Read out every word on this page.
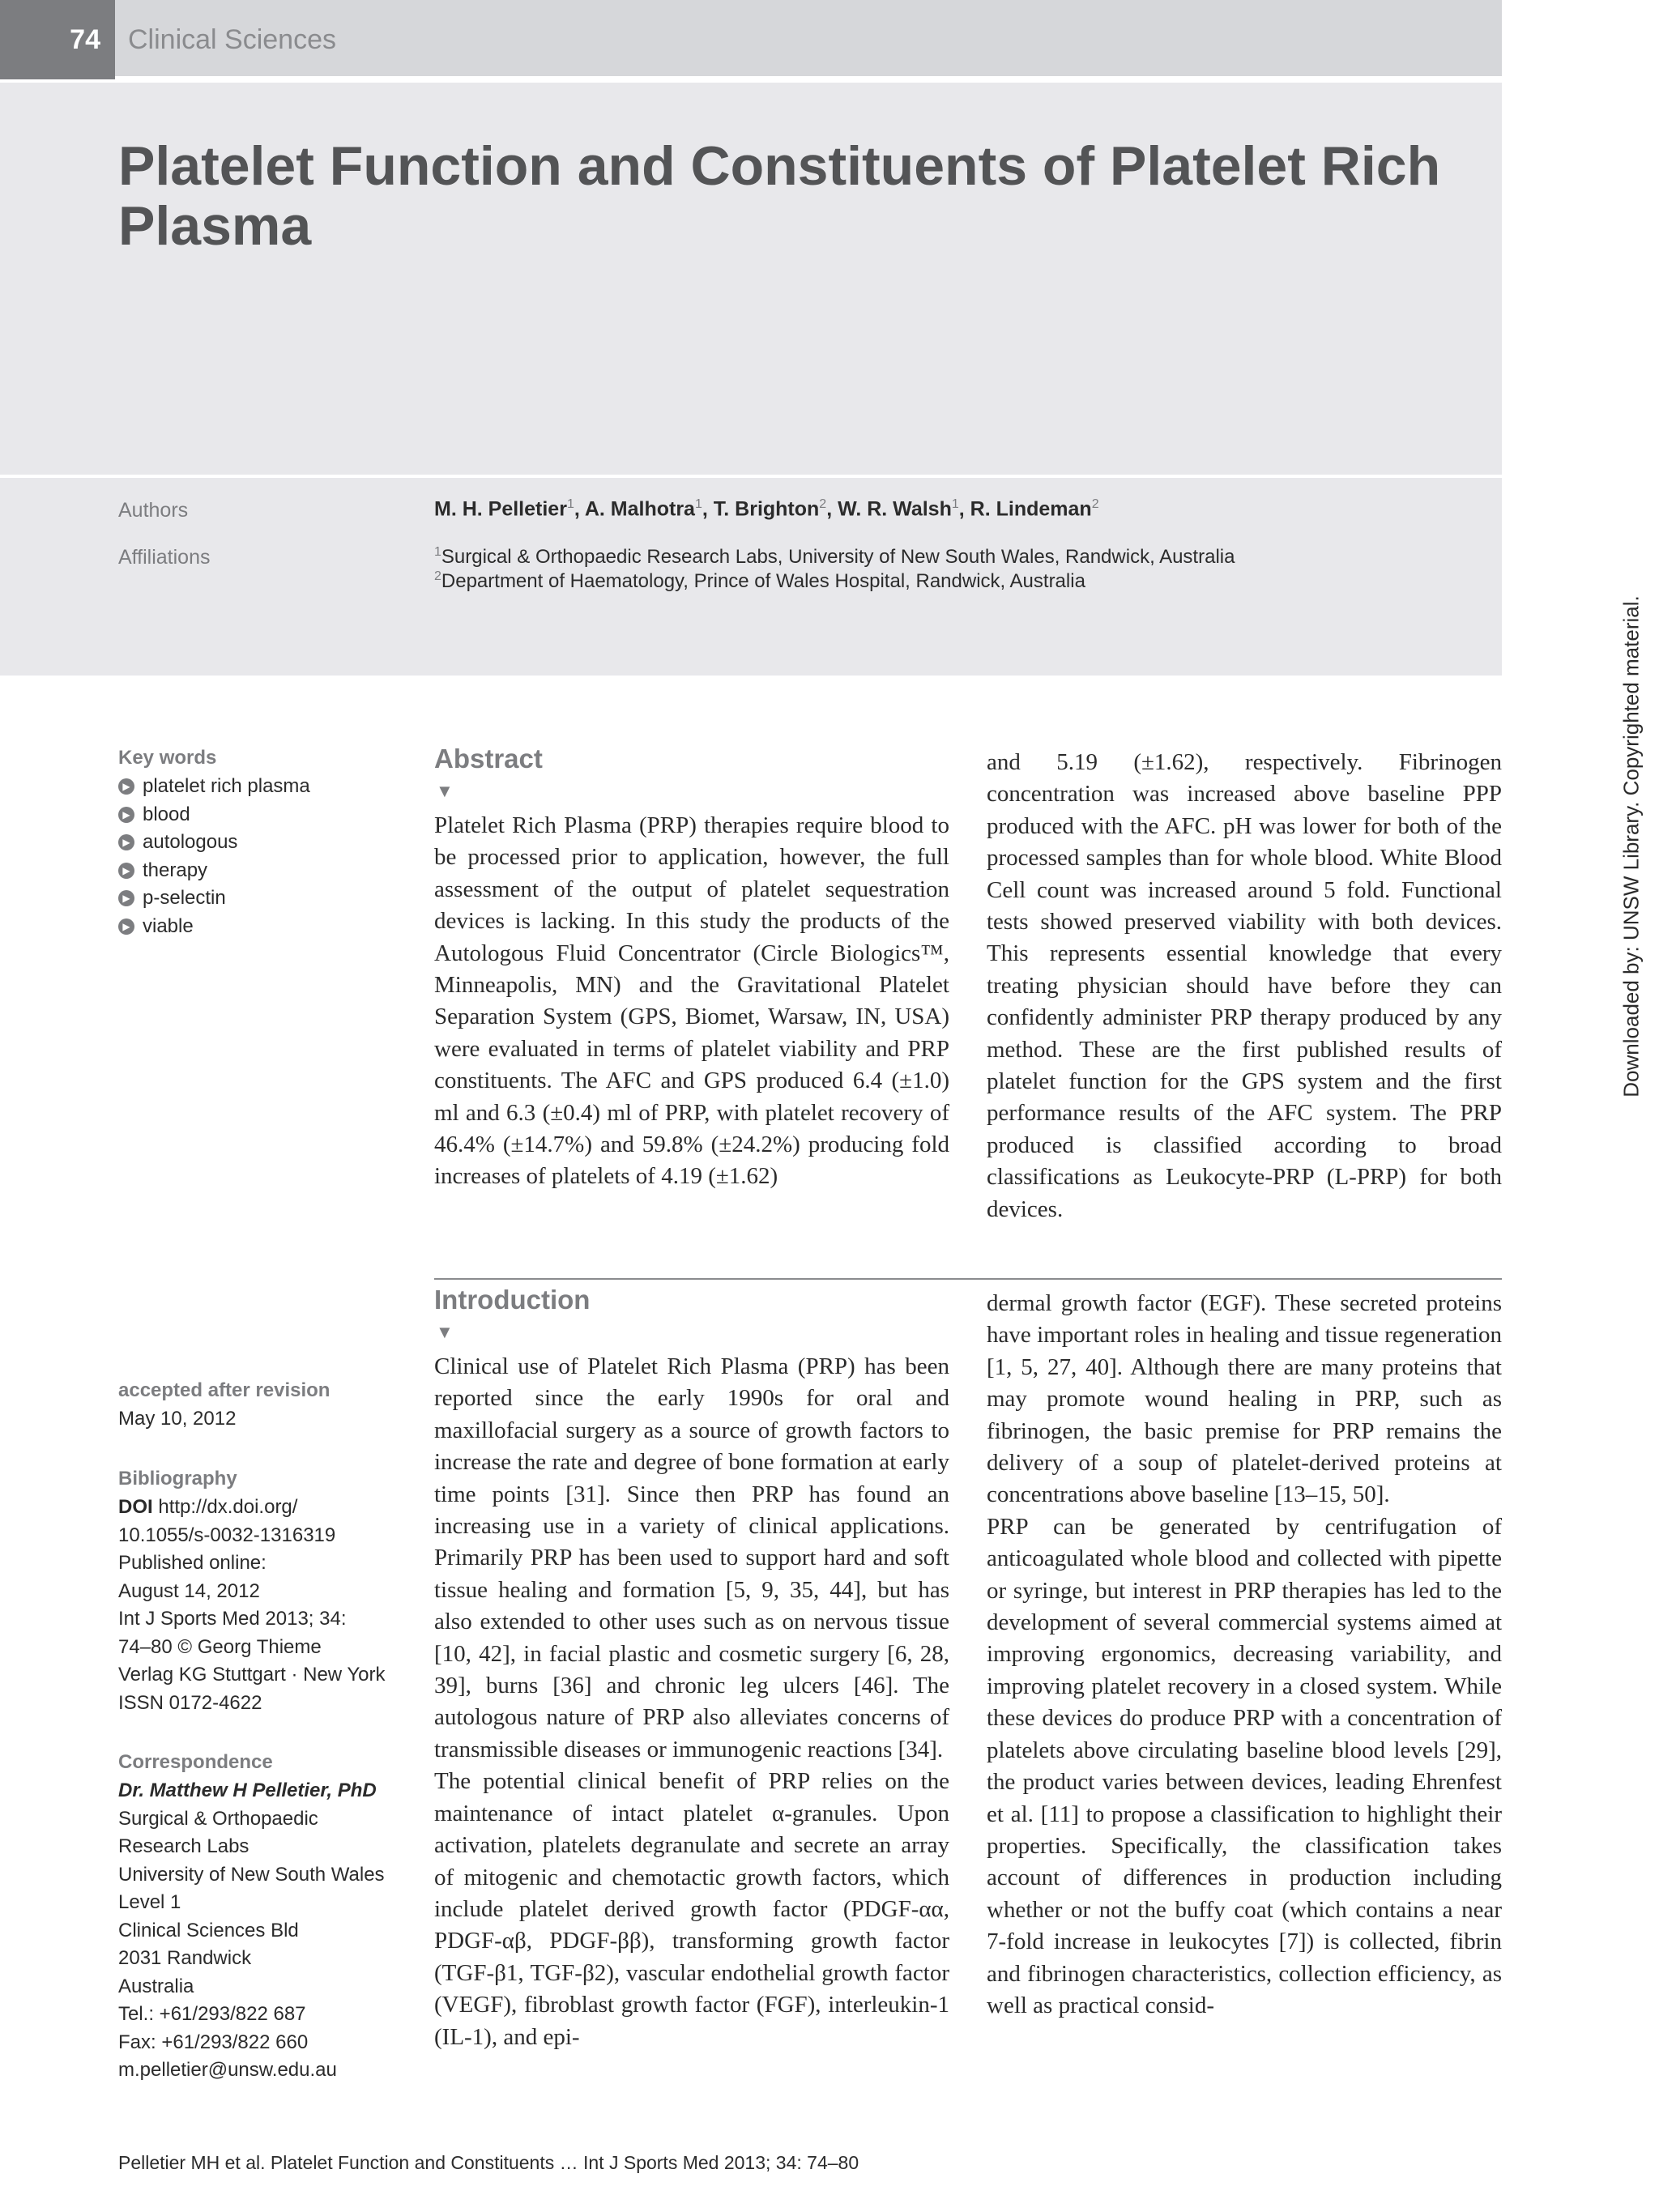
74	Clinical Sciences
Platelet Function and Constituents of Platelet Rich Plasma
Authors	M. H. Pelletier$^1$, A. Malhotra$^1$, T. Brighton$^2$, W. R. Walsh$^1$, R. Lindeman$^2$
Affiliations	$^1$Surgical & Orthopaedic Research Labs, University of New South Wales, Randwick, Australia
$^2$Department of Haematology, Prince of Wales Hospital, Randwick, Australia
Key words
▶ platelet rich plasma
▶ blood
▶ autologous
▶ therapy
▶ p-selectin
▶ viable
accepted after revision
May 10, 2012
Bibliography
DOI http://dx.doi.org/
10.1055/s-0032-1316319
Published online:
August 14, 2012
Int J Sports Med 2013; 34:
74–80 © Georg Thieme
Verlag KG Stuttgart · New York
ISSN 0172-4622
Correspondence
Dr. Matthew H Pelletier, PhD
Surgical & Orthopaedic
Research Labs
University of New South Wales
Level 1
Clinical Sciences Bld
2031 Randwick
Australia
Tel.: +61/293/822 687
Fax: +61/293/822 660
m.pelletier@unsw.edu.au
Abstract
▼

Platelet Rich Plasma (PRP) therapies require blood to be processed prior to application, however, the full assessment of the output of platelet sequestration devices is lacking. In this study the products of the Autologous Fluid Concentrator (Circle Biologics™, Minneapolis, MN) and the Gravitational Platelet Separation System (GPS, Biomet, Warsaw, IN, USA) were evaluated in terms of platelet viability and PRP constituents. The AFC and GPS produced 6.4 (±1.0) ml and 6.3 (±0.4) ml of PRP, with platelet recovery of 46.4% (±14.7%) and 59.8% (±24.2%) producing fold increases of platelets of 4.19 (±1.62)

and 5.19 (±1.62), respectively. Fibrinogen concentration was increased above baseline PPP produced with the AFC. pH was lower for both of the processed samples than for whole blood. White Blood Cell count was increased around 5 fold. Functional tests showed preserved viability with both devices. This represents essential knowledge that every treating physician should have before they can confidently administer PRP therapy produced by any method. These are the first published results of platelet function for the GPS system and the first performance results of the AFC system. The PRP produced is classified according to broad classifications as Leukocyte-PRP (L-PRP) for both devices.

Introduction
▼

Clinical use of Platelet Rich Plasma (PRP) has been reported since the early 1990s for oral and maxillofacial surgery as a source of growth factors to increase the rate and degree of bone formation at early time points [31]. Since then PRP has found an increasing use in a variety of clinical applications. Primarily PRP has been used to support hard and soft tissue healing and formation [5, 9, 35, 44], but has also extended to other uses such as on nervous tissue [10, 42], in facial plastic and cosmetic surgery [6, 28, 39], burns [36] and chronic leg ulcers [46]. The autologous nature of PRP also alleviates concerns of transmissible diseases or immunogenic reactions [34].

The potential clinical benefit of PRP relies on the maintenance of intact platelet α-granules. Upon activation, platelets degranulate and secrete an array of mitogenic and chemotactic growth factors, which include platelet derived growth factor (PDGF-αα, PDGF-αβ, PDGF-ββ), transforming growth factor (TGF-β1, TGF-β2), vascular endothelial growth factor (VEGF), fibroblast growth factor (FGF), interleukin-1 (IL-1), and epi-

dermal growth factor (EGF). These secreted proteins have important roles in healing and tissue regeneration [1, 5, 27, 40]. Although there are many proteins that may promote wound healing in PRP, such as fibrinogen, the basic premise for PRP remains the delivery of a soup of platelet-derived proteins at concentrations above baseline [13–15, 50].

PRP can be generated by centrifugation of anticoagulated whole blood and collected with pipette or syringe, but interest in PRP therapies has led to the development of several commercial systems aimed at improving ergonomics, decreasing variability, and improving platelet recovery in a closed system. While these devices do produce PRP with a concentration of platelets above circulating baseline blood levels [29], the product varies between devices, leading Ehrenfest et al. [11] to propose a classification to highlight their properties. Specifically, the classification takes account of differences in production including whether or not the buffy coat (which contains a near 7-fold increase in leukocytes [7]) is collected, fibrin and fibrinogen characteristics, collection efficiency, as well as practical consid-

Downloaded by: UNSW Library. Copyrighted material.
Pelletier MH et al. Platelet Function and Constituents … Int J Sports Med 2013; 34: 74–80
